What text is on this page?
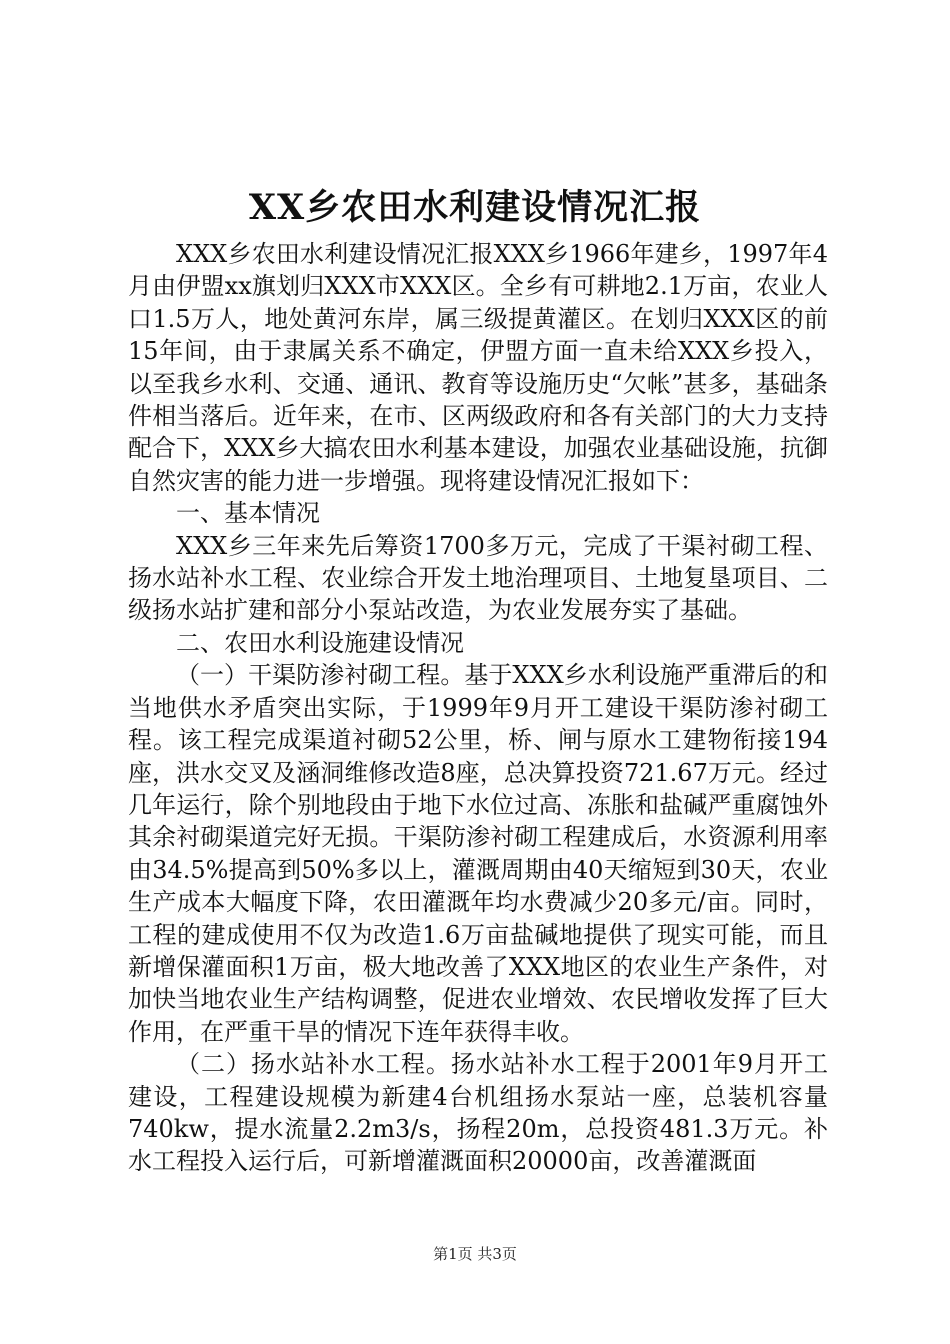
XX乡农田水利建设情况汇报

XXX乡农田水利建设情况汇报XXX乡1966年建乡，1997年4月由伊盟xx旗划归XXX市XXX区。全乡有可耕地2.1万亩，农业人口1.5万人，地处黄河东岸，属三级提黄灌区。在划归XXX区的前15年间，由于隶属关系不确定，伊盟方面一直未给XXX乡投入，以至我乡水利、交通、通讯、教育等设施历史“欠帐”甚多，基础条件相当落后。近年来，在市、区两级政府和各有关部门的大力支持配合下，XXX乡大搞农田水利基本建设，加强农业基础设施，抗御自然灾害的能力进一步增强。现将建设情况汇报如下：

一、基本情况

XXX乡三年来先后筹资1700多万元，完成了干渠衬砌工程、扬水站补水工程、农业综合开发土地治理项目、土地复垦项目、二级扬水站扩建和部分小泵站改造，为农业发展夯实了基础。

二、农田水利设施建设情况

（一）干渠防渗衬砌工程。基于XXX乡水利设施严重滞后的和当地供水矛盾突出实际，于1999年9月开工建设干渠防渗衬砌工程。该工程完成渠道衬砌52公里，桥、闸与原水工建物衔接194座，洪水交叉及涵洞维修改造8座，总决算投资721.67万元。经过几年运行，除个别地段由于地下水位过高、冻胀和盐碱严重腐蚀外其余衬砌渠道完好无损。干渠防渗衬砌工程建成后，水资源利用率由34.5%提高到50%多以上，灌溉周期由40天缩短到30天，农业生产成本大幅度下降，农田灌溉年均水费减少20多元/亩。同时，工程的建成使用不仅为改造1.6万亩盐碱地提供了现实可能，而且新增保灌面积1万亩，极大地改善了XXX地区的农业生产条件，对加快当地农业生产结构调整，促进农业增效、农民增收发挥了巨大作用，在严重干旱的情况下连年获得丰收。

（二）扬水站补水工程。扬水站补水工程于2001年9月开工建设，工程建设规模为新建4台机组扬水泵站一座，总装机容量740kw，提水流量2.2m3/s，扬程20m，总投资481.3万元。补水工程投入运行后，可新增灌溉面积20000亩，改善灌溉面

第1页 共3页
